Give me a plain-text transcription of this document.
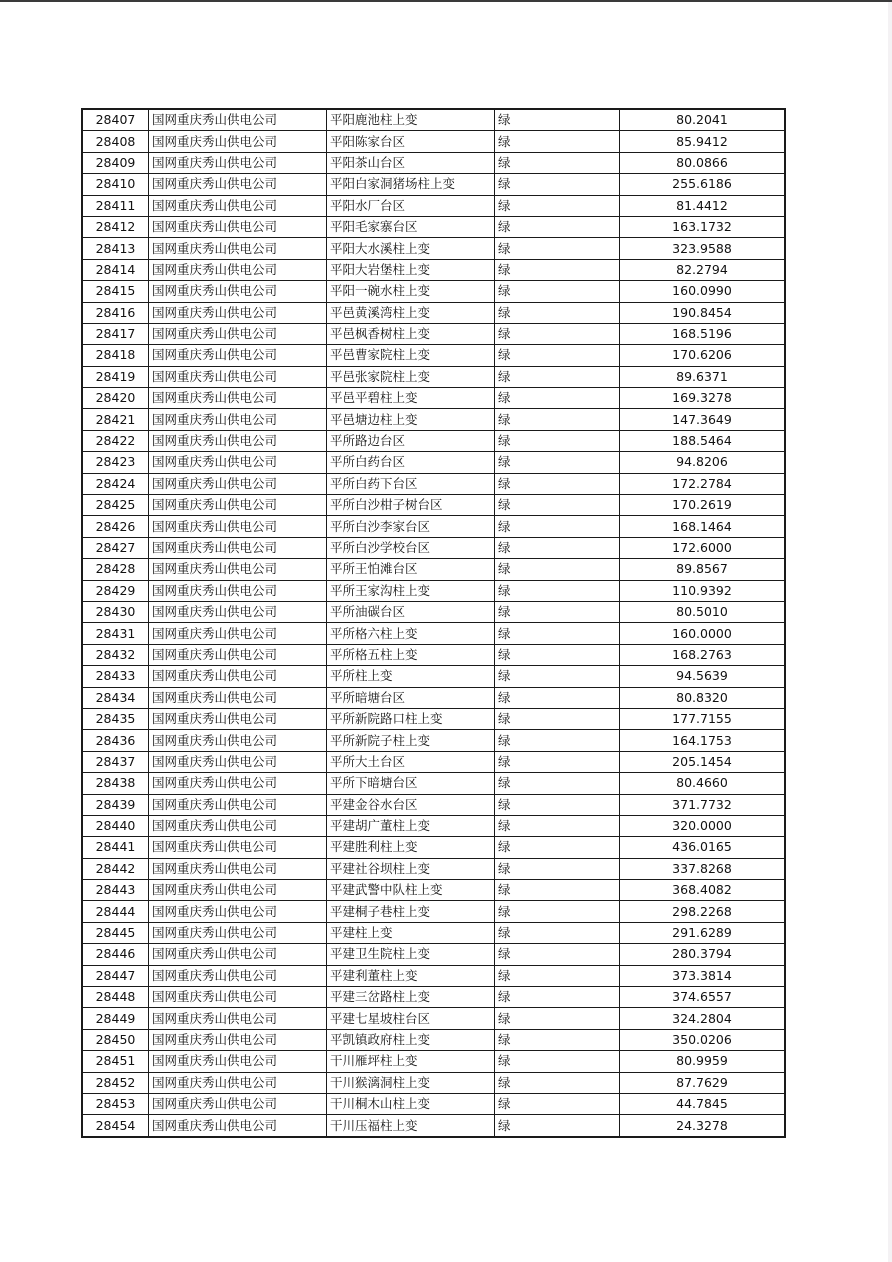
28407	国网重庆秀山供电公司	平阳鹿池柱上变	绿	80.2041
28408	国网重庆秀山供电公司	平阳陈家台区	绿	85.9412
28409	国网重庆秀山供电公司	平阳茶山台区	绿	80.0866
28410	国网重庆秀山供电公司	平阳白家洞猪场柱上变	绿	255.6186
28411	国网重庆秀山供电公司	平阳水厂台区	绿	81.4412
28412	国网重庆秀山供电公司	平阳毛家寨台区	绿	163.1732
28413	国网重庆秀山供电公司	平阳大水溪柱上变	绿	323.9588
28414	国网重庆秀山供电公司	平阳大岩堡柱上变	绿	82.2794
28415	国网重庆秀山供电公司	平阳一碗水柱上变	绿	160.0990
28416	国网重庆秀山供电公司	平邑黄溪湾柱上变	绿	190.8454
28417	国网重庆秀山供电公司	平邑枫香树柱上变	绿	168.5196
28418	国网重庆秀山供电公司	平邑曹家院柱上变	绿	170.6206
28419	国网重庆秀山供电公司	平邑张家院柱上变	绿	89.6371
28420	国网重庆秀山供电公司	平邑平碧柱上变	绿	169.3278
28421	国网重庆秀山供电公司	平邑塘边柱上变	绿	147.3649
28422	国网重庆秀山供电公司	平所路边台区	绿	188.5464
28423	国网重庆秀山供电公司	平所白药台区	绿	94.8206
28424	国网重庆秀山供电公司	平所白药下台区	绿	172.2784
28425	国网重庆秀山供电公司	平所白沙柑子树台区	绿	170.2619
28426	国网重庆秀山供电公司	平所白沙李家台区	绿	168.1464
28427	国网重庆秀山供电公司	平所白沙学校台区	绿	172.6000
28428	国网重庆秀山供电公司	平所王怕滩台区	绿	89.8567
28429	国网重庆秀山供电公司	平所王家沟柱上变	绿	110.9392
28430	国网重庆秀山供电公司	平所油碳台区	绿	80.5010
28431	国网重庆秀山供电公司	平所格六柱上变	绿	160.0000
28432	国网重庆秀山供电公司	平所格五柱上变	绿	168.2763
28433	国网重庆秀山供电公司	平所柱上变	绿	94.5639
28434	国网重庆秀山供电公司	平所暗塘台区	绿	80.8320
28435	国网重庆秀山供电公司	平所新院路口柱上变	绿	177.7155
28436	国网重庆秀山供电公司	平所新院子柱上变	绿	164.1753
28437	国网重庆秀山供电公司	平所大土台区	绿	205.1454
28438	国网重庆秀山供电公司	平所下暗塘台区	绿	80.4660
28439	国网重庆秀山供电公司	平建金谷水台区	绿	371.7732
28440	国网重庆秀山供电公司	平建胡广董柱上变	绿	320.0000
28441	国网重庆秀山供电公司	平建胜利柱上变	绿	436.0165
28442	国网重庆秀山供电公司	平建社谷坝柱上变	绿	337.8268
28443	国网重庆秀山供电公司	平建武警中队柱上变	绿	368.4082
28444	国网重庆秀山供电公司	平建桐子巷柱上变	绿	298.2268
28445	国网重庆秀山供电公司	平建柱上变	绿	291.6289
28446	国网重庆秀山供电公司	平建卫生院柱上变	绿	280.3794
28447	国网重庆秀山供电公司	平建利董柱上变	绿	373.3814
28448	国网重庆秀山供电公司	平建三岔路柱上变	绿	374.6557
28449	国网重庆秀山供电公司	平建七星坡柱台区	绿	324.2804
28450	国网重庆秀山供电公司	平凯镇政府柱上变	绿	350.0206
28451	国网重庆秀山供电公司	干川雁坪柱上变	绿	80.9959
28452	国网重庆秀山供电公司	干川猴漓洞柱上变	绿	87.7629
28453	国网重庆秀山供电公司	干川桐木山柱上变	绿	44.7845
28454	国网重庆秀山供电公司	干川压福柱上变	绿	24.3278
